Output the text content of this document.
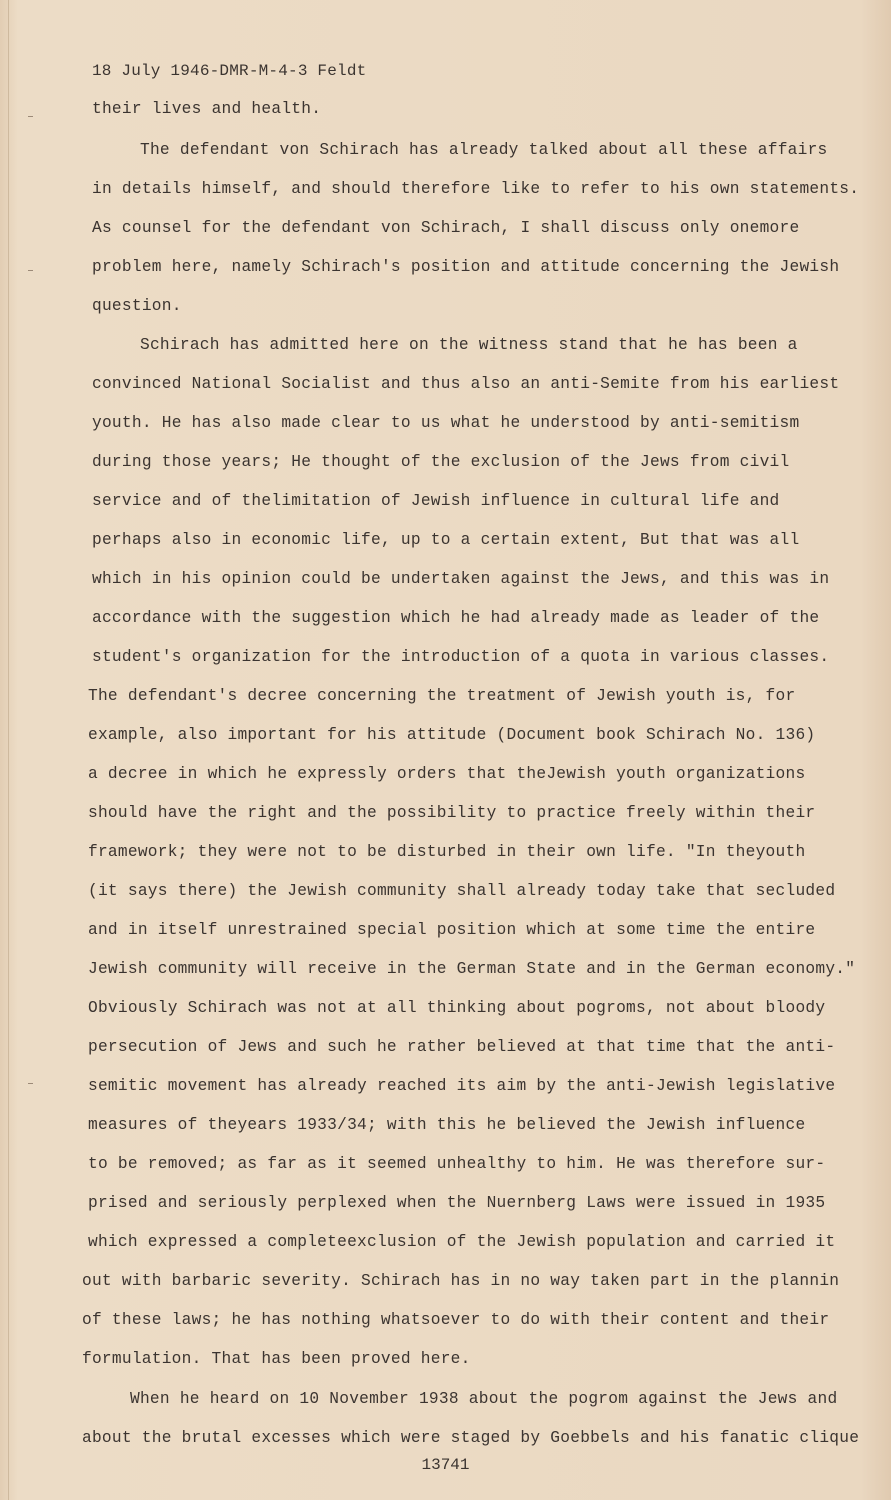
18 July 1946-DMR-M-4-3 Feldt
their lives and health.
The defendant von Schirach has already talked about all these affairs
in details himself, and should therefore like to refer to his own statements.
As counsel for the defendant von Schirach, I shall discuss only onemore
problem here, namely Schirach's position and attitude concerning the Jewish
question.
Schirach has admitted here on the witness stand that he has been a
convinced National Socialist and thus also an anti-Semite from his earliest
youth. He has also made clear to us what he understood by anti-semitism
during those years; He thought of the exclusion of the Jews from civil
service and of thelimitation of Jewish influence in cultural life and
perhaps also in economic life, up to a certain extent, But that was all
which in his opinion could be undertaken against the Jews, and this was in
accordance with the suggestion which he had already made as leader of the
student's organization for the introduction of a quota in various classes.
The defendant's decree concerning the treatment of Jewish youth is, for
example, also important for his attitude (Document book Schirach No. 136)
a decree in which he expressly orders that theJewish youth organizations
should have the right and the possibility to practice freely within their
framework; they were not to be disturbed in their own life. "In theyouth
(it says there) the Jewish community shall already today take that secluded
and in itself unrestrained special position which at some time the entire
Jewish community will receive in the German State and in the German economy."
Obviously Schirach was not at all thinking about pogroms, not about bloody
persecution of Jews and such he rather believed at that time that the anti-
semitic movement has already reached its aim by the anti-Jewish legislative
measures of theyears 1933/34; with this he believed the Jewish influence
to be removed; as far as it seemed unhealthy to him. He was therefore sur-
prised and seriously perplexed when the Nuernberg Laws were issued in 1935
which expressed a completeexclusion of the Jewish population and carried it
out with barbaric severity. Schirach has in no way taken part in the plannin
of these laws; he has nothing whatsoever to do with their content and their
formulation. That has been proved here.
When he heard on 10 November 1938 about the pogrom against the Jews and
about the brutal excesses which were staged by Goebbels and his fanatic clique
13741
